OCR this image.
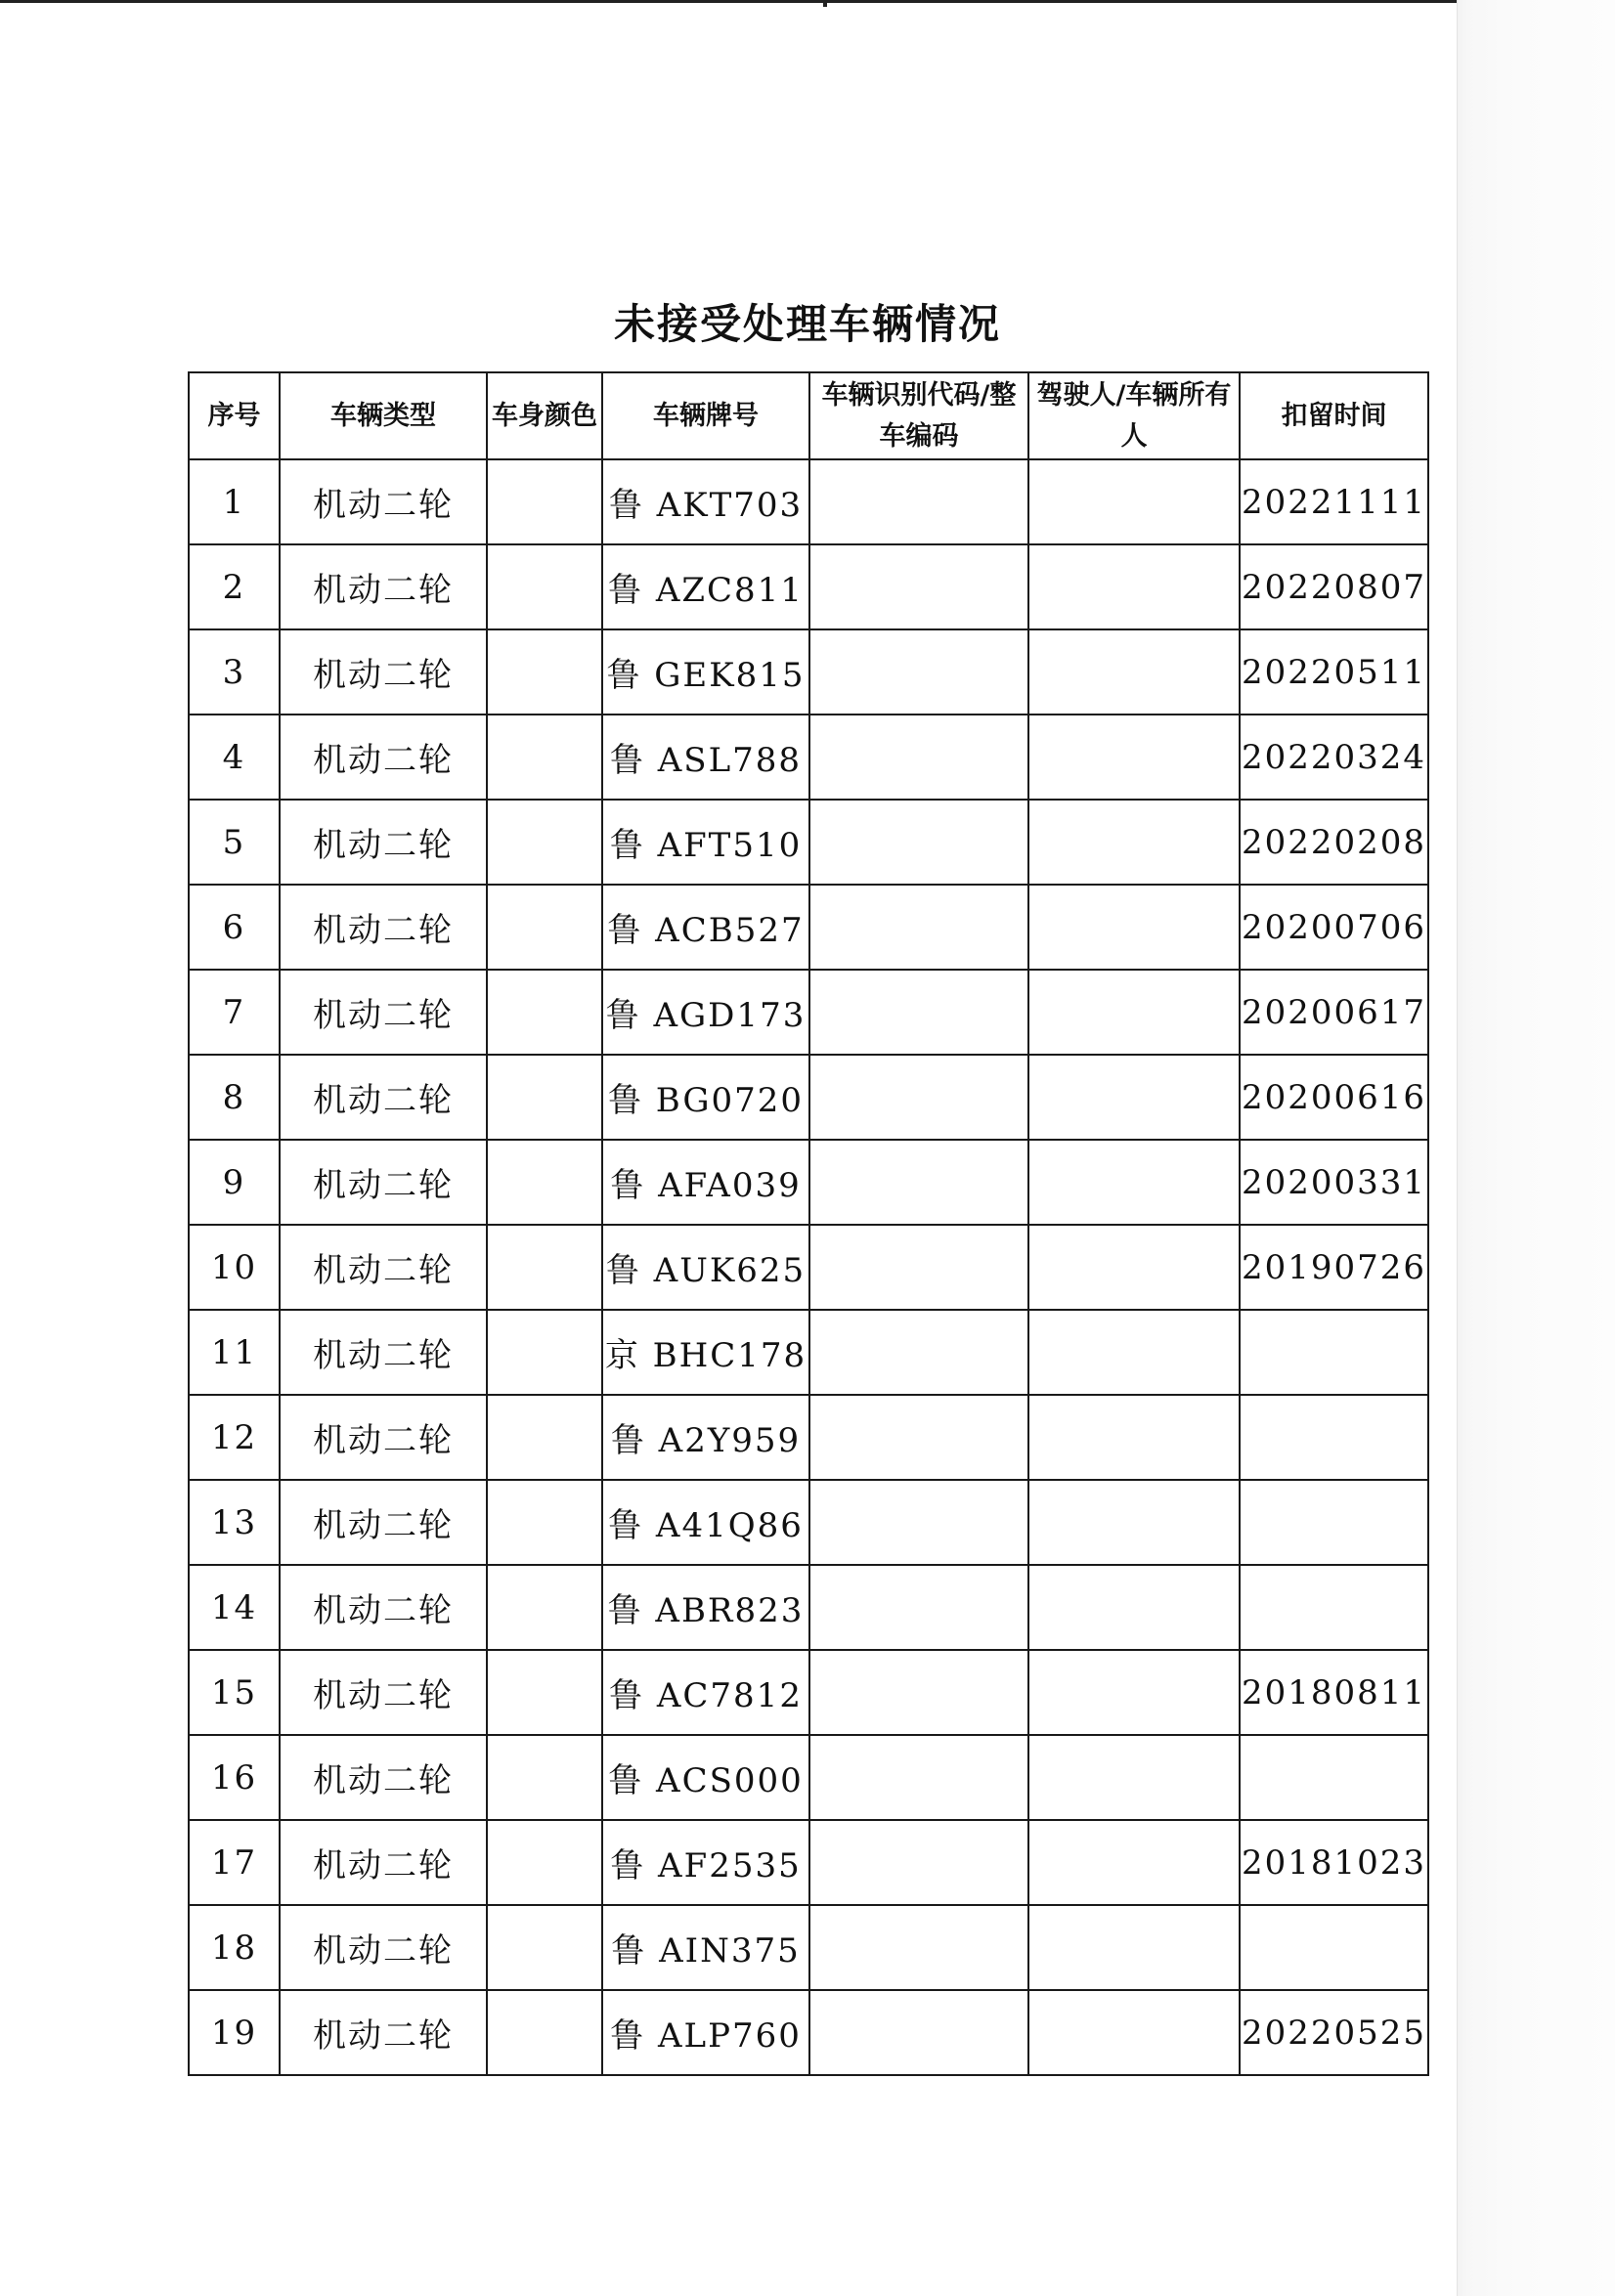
未接受处理车辆情况
序号	车辆类型	车身颜色	车辆牌号	车辆识别代码/整车编码	驾驶人/车辆所有人	扣留时间
1	机动二轮		鲁 AKT703			20221111
2	机动二轮		鲁 AZC811			20220807
3	机动二轮		鲁 GEK815			20220511
4	机动二轮		鲁 ASL788			20220324
5	机动二轮		鲁 AFT510			20220208
6	机动二轮		鲁 ACB527			20200706
7	机动二轮		鲁 AGD173			20200617
8	机动二轮		鲁 BG0720			20200616
9	机动二轮		鲁 AFA039			20200331
10	机动二轮		鲁 AUK625			20190726
11	机动二轮		京 BHC178			
12	机动二轮		鲁 A2Y959			
13	机动二轮		鲁 A41Q86			
14	机动二轮		鲁 ABR823			
15	机动二轮		鲁 AC7812			20180811
16	机动二轮		鲁 ACS000			
17	机动二轮		鲁 AF2535			20181023
18	机动二轮		鲁 AIN375			
19	机动二轮		鲁 ALP760			20220525
